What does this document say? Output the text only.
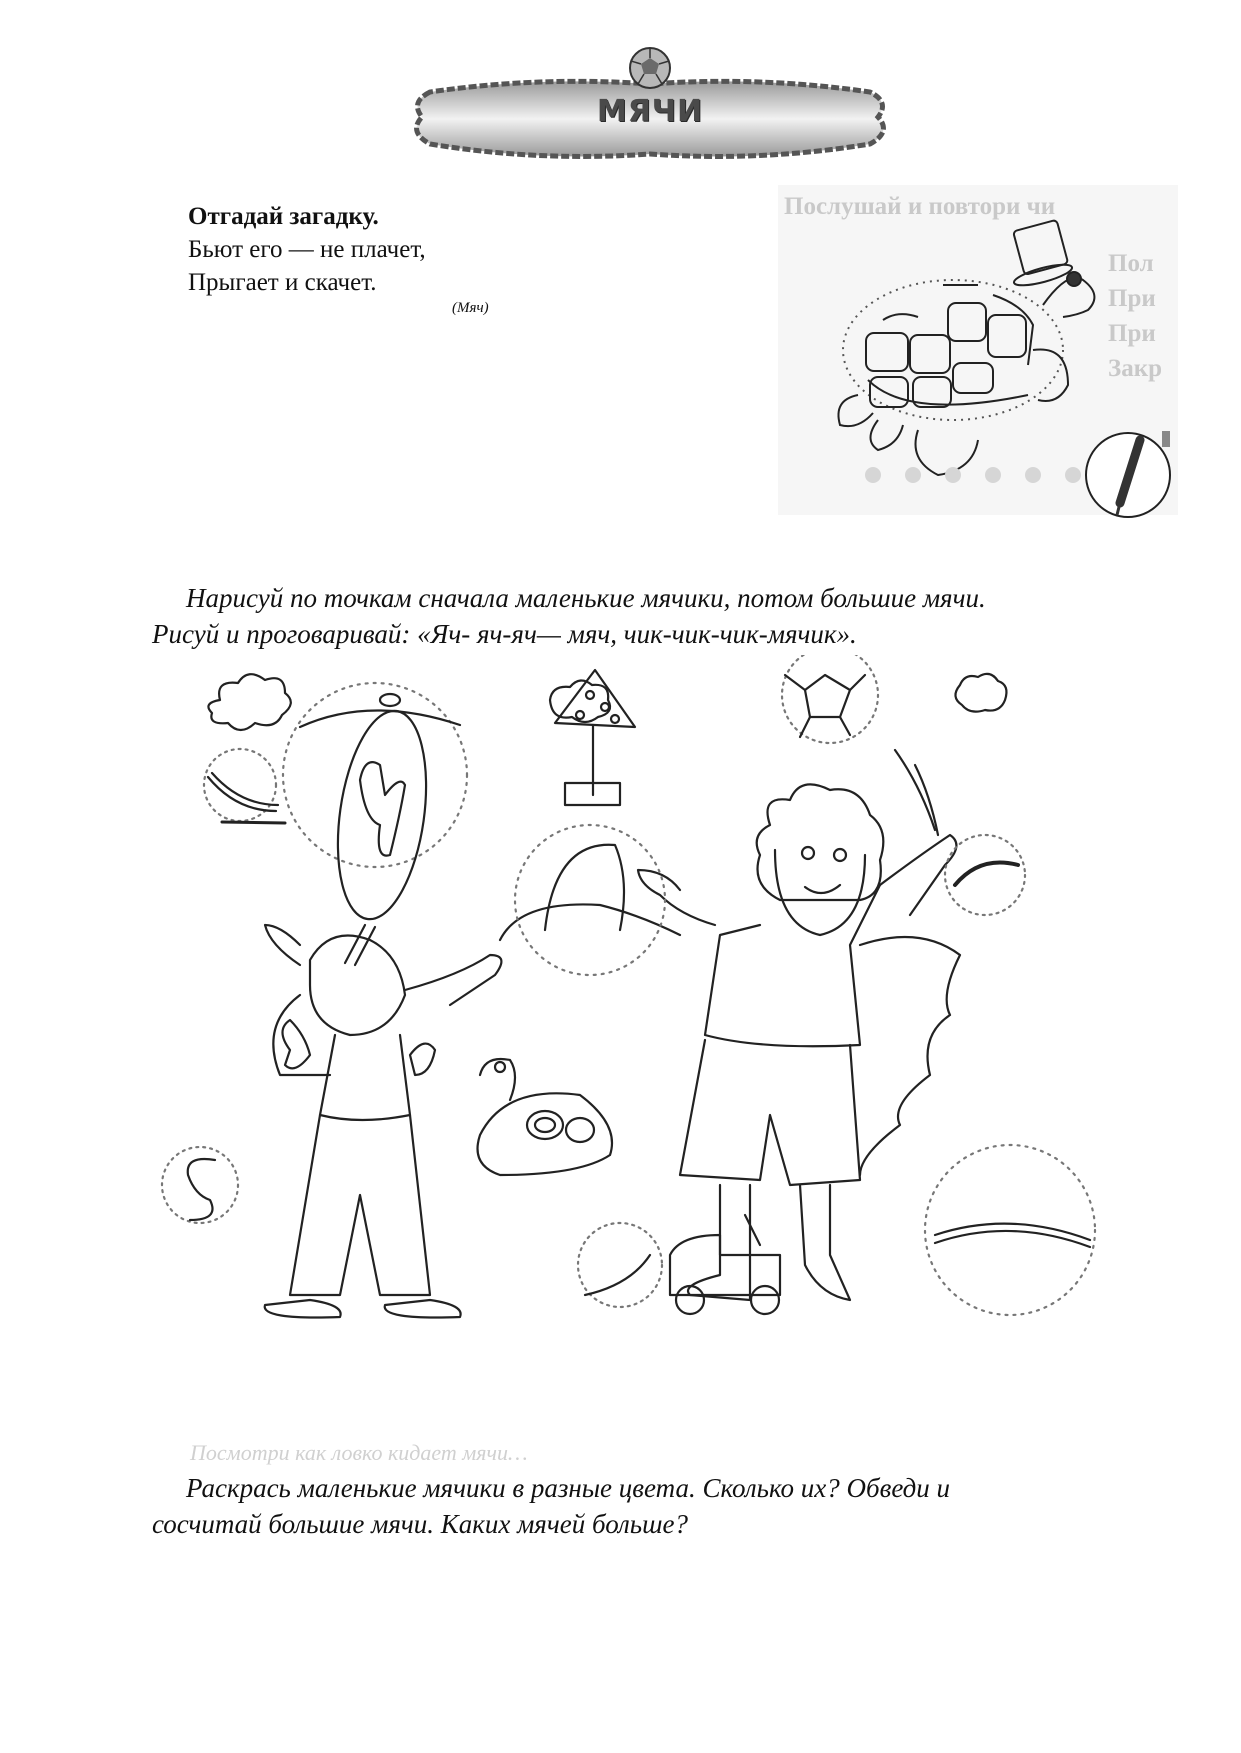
МЯЧИ
Отгадай загадку.
Бьют его — не плачет,
Прыгает и скачет.
(Мяч)
Послушай и повтори чи
Пол
При
При
Закр
Нарисуй по точкам сначала маленькие мячики, потом большие мячи.
Рисуй и проговаривай: «Яч- яч-яч— мяч, чик-чик-чик-мячик».
Посмотри как ловко кидает мячи…
Раскрась маленькие мячики в разные цвета. Сколько их? Обведи и
сосчитай большие мячи. Каких мячей больше?
